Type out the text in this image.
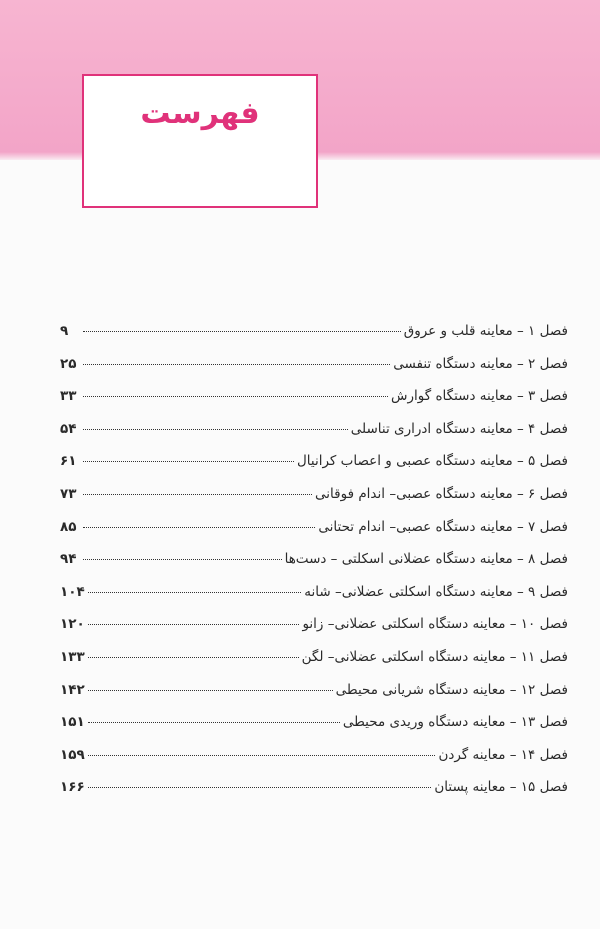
فهرست
فصل ۱ – معاینه قلب و عروق
۹
فصل ۲ – معاینه دستگاه تنفسی
۲۵
فصل ۳ – معاینه دستگاه گوارش
۳۳
فصل ۴ – معاینه دستگاه ادراری تناسلی
۵۴
فصل ۵ – معاینه دستگاه عصبی و اعصاب کرانیال
۶۱
فصل ۶ – معاینه دستگاه عصبی– اندام فوقانی
۷۳
فصل ۷ – معاینه دستگاه عصبی– اندام تحتانی
۸۵
فصل ۸ – معاینه دستگاه عضلانی اسکلتی – دست‌ها
۹۴
فصل ۹ – معاینه دستگاه اسکلتی عضلانی– شانه
۱۰۴
فصل ۱۰ – معاینه دستگاه اسکلتی عضلانی– زانو
۱۲۰
فصل ۱۱ – معاینه دستگاه اسکلتی عضلانی– لگن
۱۳۳
فصل ۱۲ – معاینه دستگاه شریانی محیطی
۱۴۲
فصل ۱۳ – معاینه دستگاه وریدی محیطی
۱۵۱
فصل ۱۴ – معاینه گردن
۱۵۹
فصل ۱۵ – معاینه پستان
۱۶۶
